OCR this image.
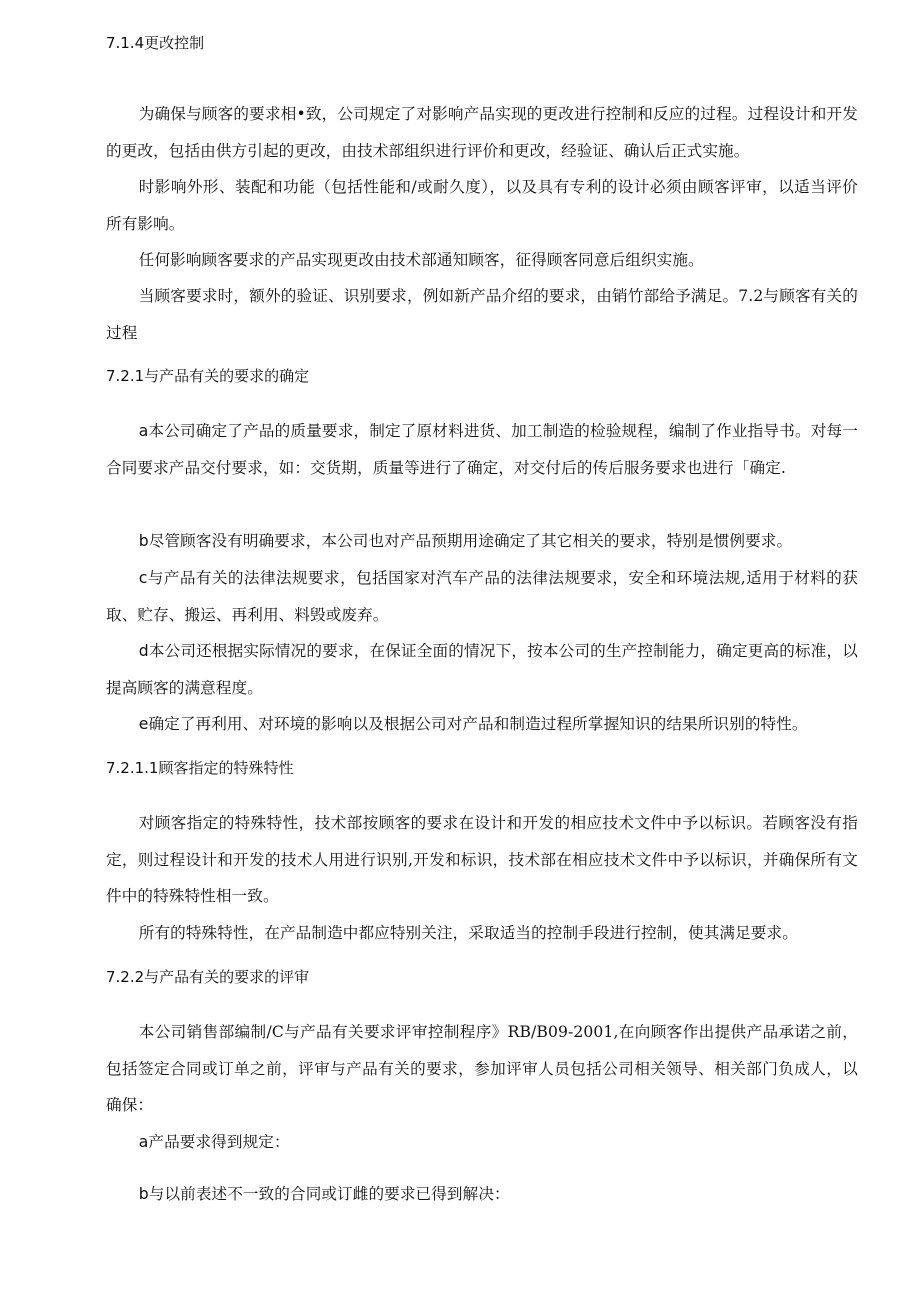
7.1.4更改控制
为确保与顾客的要求相•致，公司规定了对影响产品实现的更改进行控制和反应的过程。过程设计和开发的更改，包括由供方引起的更改，由技术部组织进行评价和更改，经验证、确认后正式实施。
时影响外形、装配和功能（包括性能和/或耐久度），以及具有专利的设计必须由顾客评审，以适当评价所有影响。
任何影响顾客要求的产品实现更改由技术部通知顾客，征得顾客同意后组织实施。
当顾客要求时，额外的验证、识别要求，例如新产品介绍的要求，由销竹部给予满足。7.2与顾客有关的过程
7.2.1与产品有关的要求的确定
a本公司确定了产品的质量要求，制定了原材料进货、加工制造的检验规程，编制了作业指导书。对每一合同要求产品交付要求，如：交货期，质量等进行了确定，对交付后的传后服务要求也进行「确定.
b尽管顾客没有明确要求，本公司也对产品预期用途确定了其它相关的要求，特别是惯例要求。
c与产品有关的法律法规要求，包括国家对汽车产品的法律法规要求，安全和环境法规,适用于材料的获取、贮存、搬运、再利用、料毁或废弃。
d本公司还根据实际情况的要求，在保证全面的情况下，按本公司的生产控制能力，确定更高的标准，以提高顾客的满意程度。
e确定了再利用、对环境的影响以及根据公司对产品和制造过程所掌握知识的结果所识别的特性。
7.2.1.1顾客指定的特殊特性
对顾客指定的特殊特性，技术部按顾客的要求在设计和开发的相应技术文件中予以标识。若顾客没有指定，则过程设计和开发的技术人用进行识别,开发和标识，技术部在相应技术文件中予以标识，并确保所有文件中的特殊特性相一致。
所有的特殊特性，在产品制造中都应特别关注，采取适当的控制手段进行控制，使其满足要求。
7.2.2与产品有关的要求的评审
本公司销售部编制/C与产品有关要求评审控制程序》RB/B09-2001,在向顾客作出提供产品承诺之前，包括签定合同或订单之前，评审与产品有关的要求，参加评审人员包括公司相关领导、相关部门负成人，以确保：
a产品要求得到规定：
b与以前表述不一致的合同或订雌的要求已得到解决：
